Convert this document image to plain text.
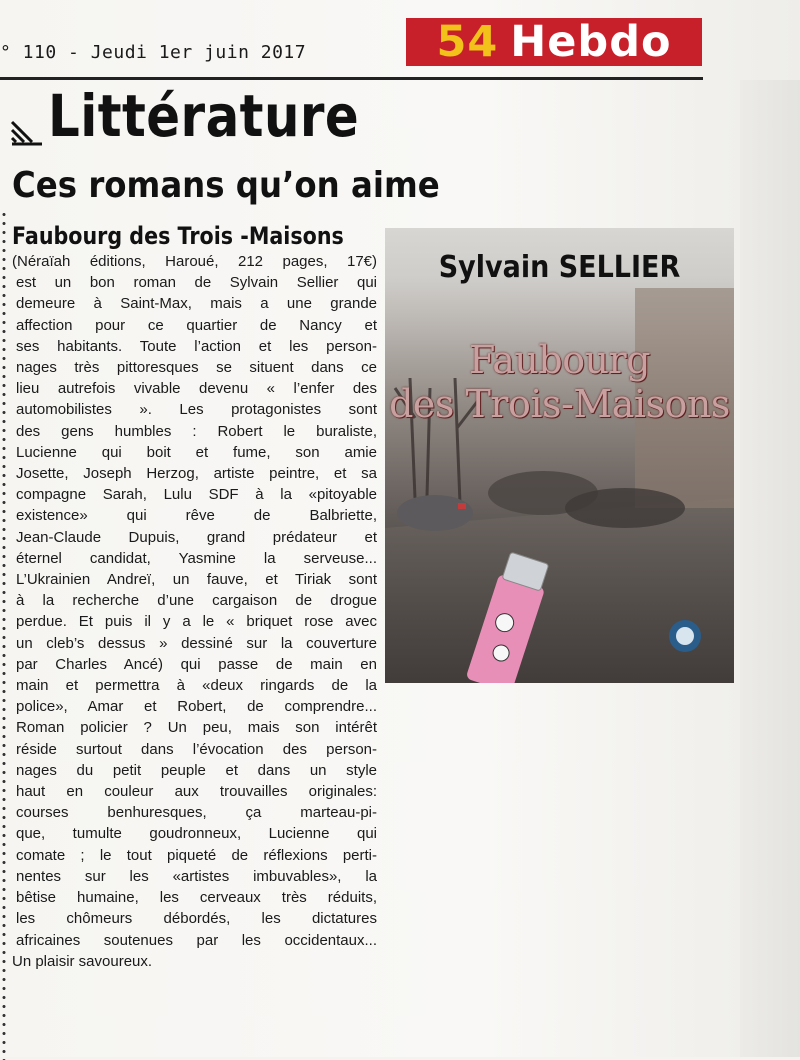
° 110 - Jeudi 1er juin 2017	54 Hebdo
Littérature
Ces romans qu’on aime
Faubourg des Trois -Maisons

(Néraïah éditions, Haroué, 212 pages, 17€)

est un bon roman de Sylvain Sellier qui

demeure à Saint-Max, mais a une grande

affection pour ce quartier de Nancy et

ses habitants. Toute l’action et les person-

nages très pittoresques se situent dans ce

lieu autrefois vivable devenu « l’enfer des

automobilistes ». Les protagonistes sont

des gens humbles : Robert le buraliste,

Lucienne qui boit et fume, son amie

Josette, Joseph Herzog, artiste peintre, et sa

compagne Sarah, Lulu SDF à la «pitoyable

existence» qui rêve de Balbriette,

Jean-Claude Dupuis, grand prédateur et

éternel candidat, Yasmine la serveuse...

L’Ukrainien Andreï, un fauve, et Tiriak sont

à la recherche d’une cargaison de drogue

perdue. Et puis il y a le « briquet rose avec

un cleb’s dessus » dessiné sur la couverture

par Charles Ancé) qui passe de main en

main et permettra à «deux ringards de la

police», Amar et Robert, de comprendre...

Roman policier ? Un peu, mais son intérêt

réside surtout dans l’évocation des person-

nages du petit peuple et dans un style

haut en couleur aux trouvailles originales:

courses benhuresques, ça marteau-pi-

que, tumulte goudronneux, Lucienne qui

comate ; le tout piqueté de réflexions perti-

nentes sur les «artistes imbuvables», la

bêtise humaine, les cerveaux très réduits,

les chômeurs débordés, les dictatures

africaines soutenues par les occidentaux...

Un plaisir savoureux.

Sylvain SELLIER
Faubourg
des Trois-Maisons
